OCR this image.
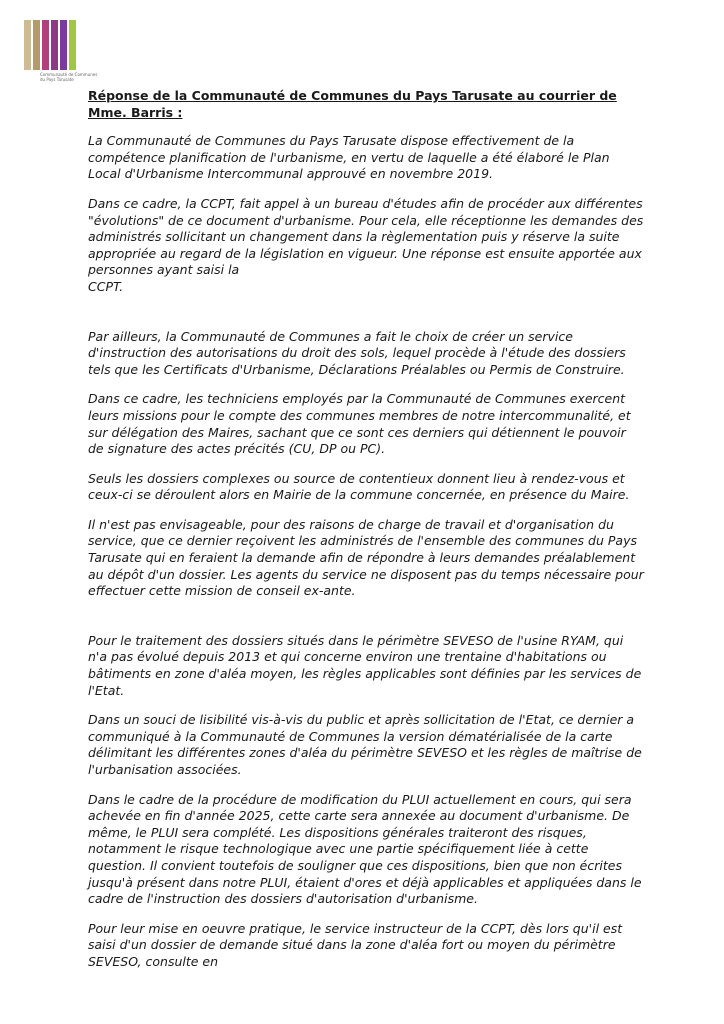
Communauté de Communes
du Pays Tarusate

Réponse de la Communauté de Communes du Pays Tarusate au courrier de Mme. Barris :

La Communauté de Communes du Pays Tarusate dispose effectivement de la compétence planification de l'urbanisme, en vertu de laquelle a été élaboré le Plan Local d'Urbanisme Intercommunal approuvé en novembre 2019.

Dans ce cadre, la CCPT, fait appel à un bureau d'études afin de procéder aux différentes "évolutions" de ce document d'urbanisme. Pour cela, elle réceptionne les demandes des administrés sollicitant un changement dans la règlementation puis y réserve la suite appropriée au regard de la législation en vigueur. Une réponse est ensuite apportée aux personnes ayant saisi la

CCPT.

Par ailleurs, la Communauté de Communes a fait le choix de créer un service d'instruction des autorisations du droit des sols, lequel procède à l'étude des dossiers tels que les Certificats d'Urbanisme, Déclarations Préalables ou Permis de Construire.

Dans ce cadre, les techniciens employés par la Communauté de Communes exercent leurs missions pour le compte des communes membres de notre intercommunalité, et sur délégation des Maires, sachant que ce sont ces derniers qui détiennent le pouvoir de signature des actes précités (CU, DP ou PC).

Seuls les dossiers complexes ou source de contentieux donnent lieu à rendez-vous et ceux-ci se déroulent alors en Mairie de la commune concernée, en présence du Maire.

Il n'est pas envisageable, pour des raisons de charge de travail et d'organisation du service, que ce dernier reçoivent les administrés de l'ensemble des communes du Pays Tarusate qui en feraient la demande afin de répondre à leurs demandes préalablement au dépôt d'un dossier. Les agents du service ne disposent pas du temps nécessaire pour effectuer cette mission de conseil ex-ante.

Pour le traitement des dossiers situés dans le périmètre SEVESO de l'usine RYAM, qui n'a pas évolué depuis 2013 et qui concerne environ une trentaine d'habitations ou bâtiments en zone d'aléa moyen, les règles applicables sont définies par les services de l'Etat.

Dans un souci de lisibilité vis-à-vis du public et après sollicitation de l'Etat, ce dernier a communiqué à la Communauté de Communes la version dématérialisée de la carte délimitant les différentes zones d'aléa du périmètre SEVESO et les règles de maîtrise de l'urbanisation associées.

Dans le cadre de la procédure de modification du PLUI actuellement en cours, qui sera achevée en fin d'année 2025, cette carte sera annexée au document d'urbanisme. De même, le PLUI sera complété. Les dispositions générales traiteront des risques, notamment le risque technologique avec une partie spécifiquement liée à cette question. Il convient toutefois de souligner que ces dispositions, bien que non écrites jusqu'à présent dans notre PLUI, étaient d'ores et déjà applicables et appliquées dans le cadre de l'instruction des dossiers d'autorisation d'urbanisme.

Pour leur mise en oeuvre pratique, le service instructeur de la CCPT, dès lors qu'il est saisi d'un dossier de demande situé dans la zone d'aléa fort ou moyen du périmètre SEVESO, consulte en
